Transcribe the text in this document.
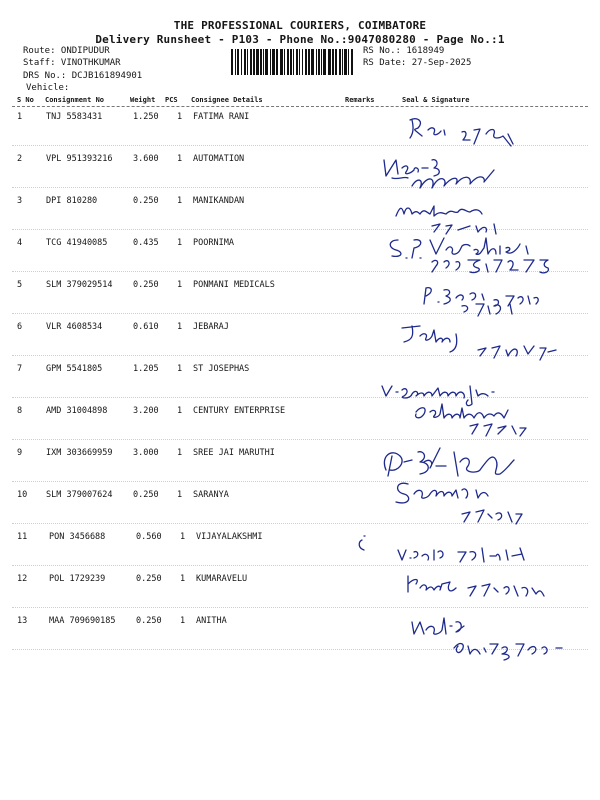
THE PROFESSIONAL COURIERS, COIMBATORE
Delivery Runsheet - P103 - Phone No.:9047080280 - Page No.:1
Route: ONDIPUDUR
Staff: VINOTHKUMAR
DRS No.: DCJB161894901
Vehicle:
RS No.: 1618949
RS Date: 27-Sep-2025
S No Consignment No	Weight PCS Consignee Details	Remarks	Seal & Signature
1	TNJ 5583431	1.250 1 FATIMA RANI
2	VPL 951393216 3.600 1 AUTOMATION
3	DPI 810280	0.250 1 MANIKANDAN
4	TCG 41940085	0.435 1 POORNIMA
5	SLM 379029514 0.250 1 PONMANI MEDICALS
6	VLR 4608534	0.610 1 JEBARAJ
7	GPM 5541805	1.205 1 ST JOSEPHAS
8	AMD 31004898	3.200 1 CENTURY ENTERPRISE
9	IXM 303669959 3.000 1 SREE JAI MARUTHI
10 SLM 379007624 0.250 1 SARANYA
11	PON 3456688	0.560 1 VIJAYALAKSHMI
12	POL 1729239	0.250 1 KUMARAVELU
13	MAA 709690185 0.250 1 ANITHA
